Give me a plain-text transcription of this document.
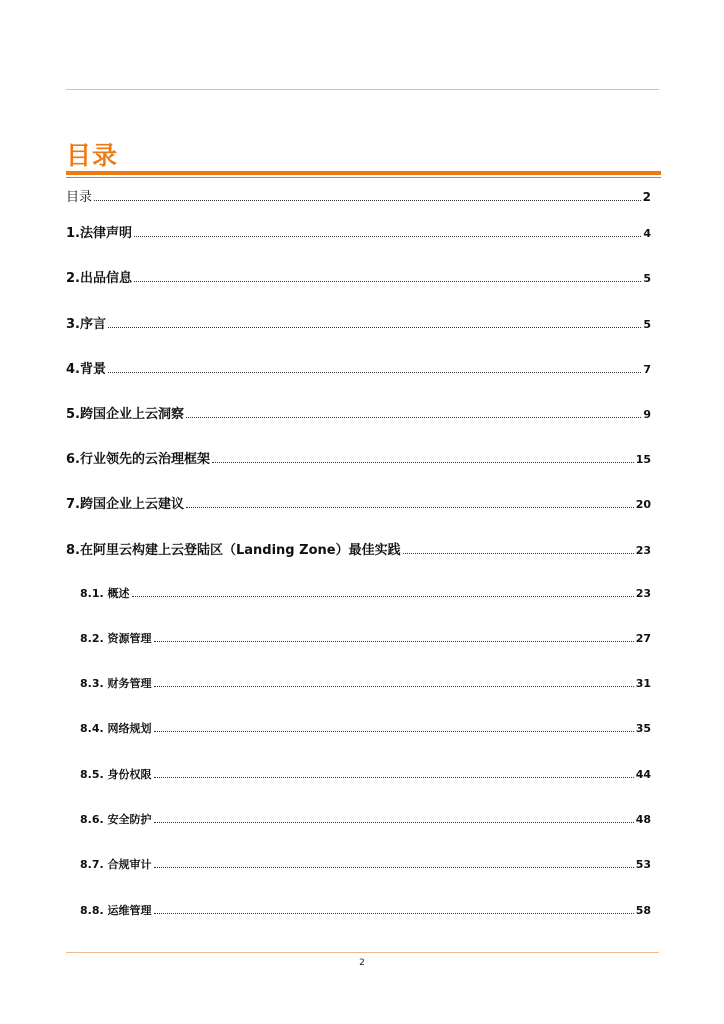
目录
目录	2
1.法律声明	4
2.出品信息	5
3.序言	5
4.背景	7
5.跨国企业上云洞察	9
6.行业领先的云治理框架	15
7.跨国企业上云建议	20
8.在阿里云构建上云登陆区（Landing Zone）最佳实践	23
8.1. 概述	23
8.2. 资源管理	27
8.3. 财务管理	31
8.4. 网络规划	35
8.5. 身份权限	44
8.6. 安全防护	48
8.7. 合规审计	53
8.8. 运维管理	58
2
